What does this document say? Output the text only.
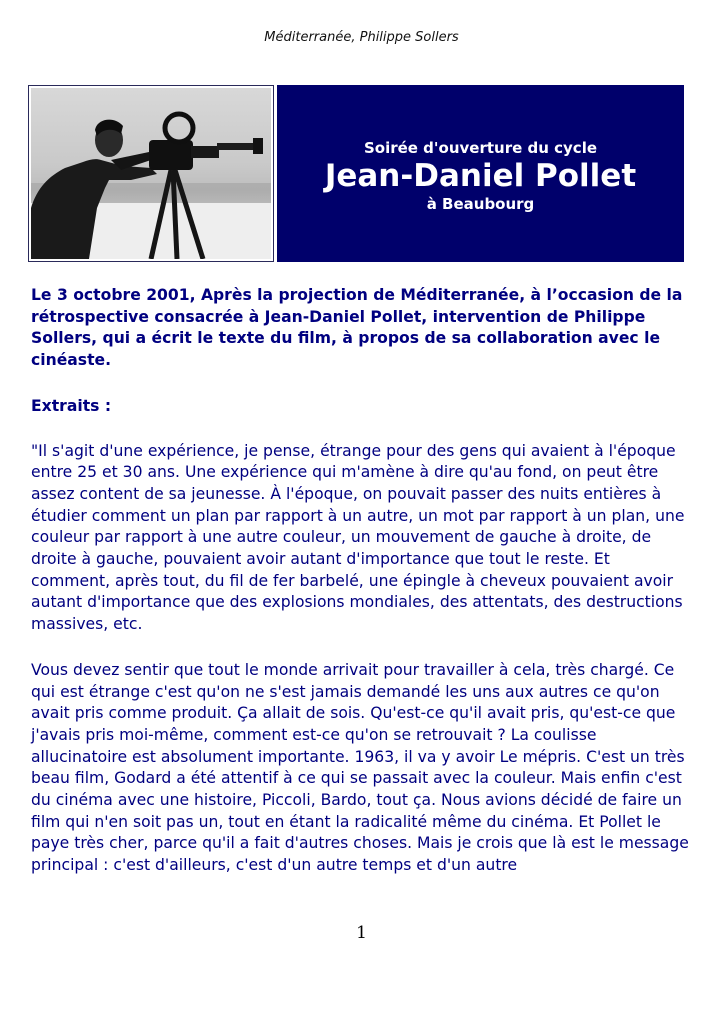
Méditerranée, Philippe Sollers
Soirée d'ouverture du cycle
Jean-Daniel Pollet
à Beaubourg

Le 3 octobre 2001, Après la projection de Méditerranée, à l’occasion de la rétrospective consacrée à Jean-Daniel Pollet, intervention de Philippe Sollers, qui a écrit le texte du film, à propos de sa collaboration avec le cinéaste.

Extraits :

"Il s'agit d'une expérience, je pense, étrange pour des gens qui avaient à l'époque entre 25 et 30 ans. Une expérience qui m'amène à dire qu'au fond, on peut être assez content de sa jeunesse. À l'époque, on pouvait passer des nuits entières à étudier comment un plan par rapport à un autre, un mot par rapport à un plan, une couleur par rapport à une autre couleur, un mouvement de gauche à droite, de droite à gauche, pouvaient avoir autant d'importance que tout le reste. Et comment, après tout, du fil de fer barbelé, une épingle à cheveux pouvaient avoir autant d'importance que des explosions mondiales, des attentats, des destructions massives, etc.

Vous devez sentir que tout le monde arrivait pour travailler à cela, très chargé. Ce qui est étrange c'est qu'on ne s'est jamais demandé les uns aux autres ce qu'on avait pris comme produit. Ça allait de sois. Qu'est-ce qu'il avait pris, qu'est-ce que j'avais pris moi-même, comment est-ce qu'on se retrouvait ? La coulisse allucinatoire est absolument importante. 1963, il va y avoir Le mépris. C'est un très beau film, Godard a été attentif à ce qui se passait avec la couleur. Mais enfin c'est du cinéma avec une histoire, Piccoli, Bardo, tout ça. Nous avions décidé de faire un film qui n'en soit pas un, tout en étant la radicalité même du cinéma. Et Pollet le paye très cher, parce qu'il a fait d'autres choses. Mais je crois que là est le message principal : c'est d'ailleurs, c'est d'un autre temps et d'un autre

1
